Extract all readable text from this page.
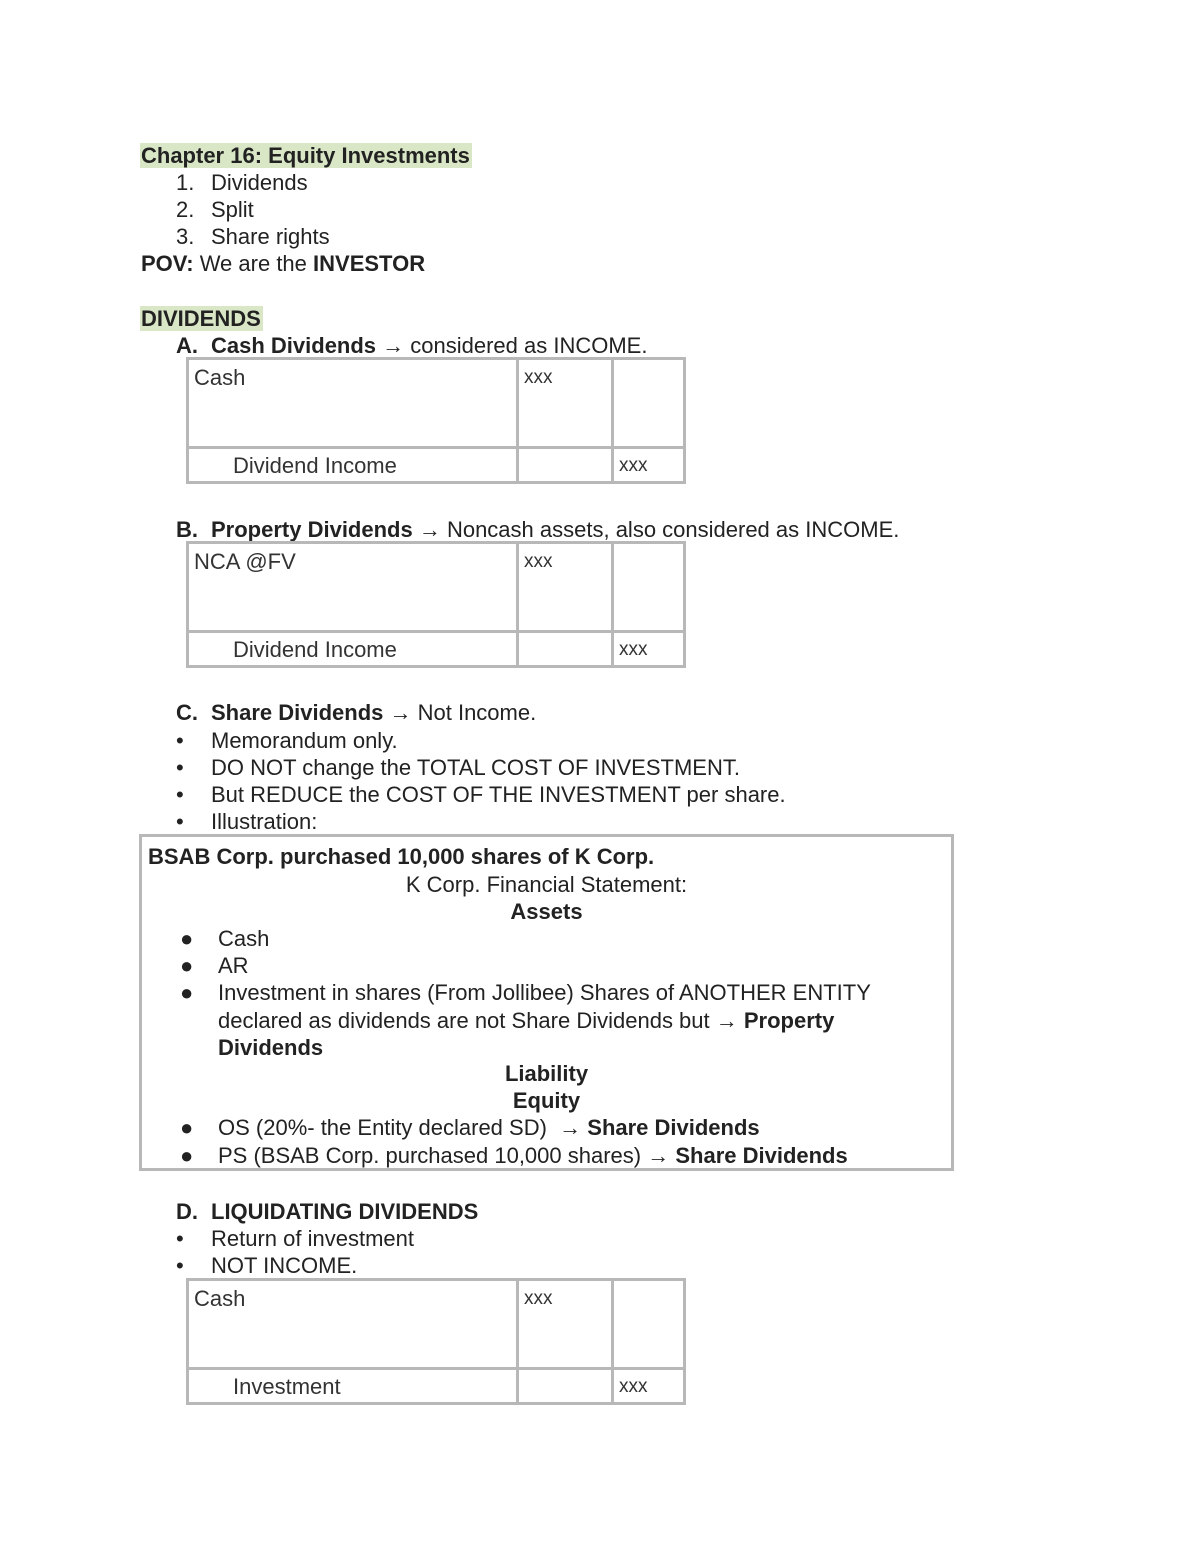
Chapter 16: Equity Investments
1. Dividends
2. Split
3. Share rights
POV: We are the INVESTOR
DIVIDENDS
A. Cash Dividends → considered as INCOME.
Cash	xxx	
Dividend Income		xxx
B. Property Dividends → Noncash assets, also considered as INCOME.
NCA @FV	xxx	
Dividend Income		xxx
C. Share Dividends → Not Income.
• Memorandum only.
• DO NOT change the TOTAL COST OF INVESTMENT.
• But REDUCE the COST OF THE INVESTMENT per share.
• Illustration:
BSAB Corp. purchased 10,000 shares of K Corp.
K Corp. Financial Statement:
Assets
● Cash
● AR
● Investment in shares (From Jollibee) Shares of ANOTHER ENTITY
declared as dividends are not Share Dividends but → Property
Dividends
Liability
Equity
● OS (20%- the Entity declared SD)  → Share Dividends
● PS (BSAB Corp. purchased 10,000 shares) → Share Dividends
D. LIQUIDATING DIVIDENDS
• Return of investment
• NOT INCOME.
Cash	xxx	
Investment		xxx
